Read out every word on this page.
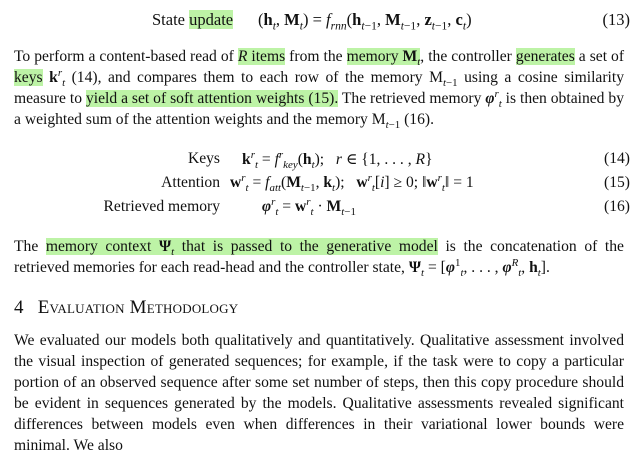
State update ($h_t$, $M_t) = f_{rnn}(h_{t-1}$, $M_{t-1}$, $z_{t-1}$, $c_t$)	(13)
To perform a content-based read of R items from the memory $M_t$, the controller generates a set of keys $k^r_t$ (14), and compares them to each row of the memory $M_{t-1}$ using a cosine similarity measure to yield a set of soft attention weights (15). The retrieved memory $\varphi^r_t$ is then obtained by a weighted sum of the attention weights and the memory $M_{t-1}$ (16).
Keys $k^r_t = f^r_{key}(h_t)$;   r ∈ {1, . . . , R}	(14)
Attention $w^r_t = f_{att}(M_{t-1}$, $k_t$);   $w^r_t[i] \ge 0$; $‖w^r_t‖ = 1$	(15)
Retrieved memory	$\varphi^r_t = w^r_t \cdot M_{t-1}$	(16)
The memory context $\Psi_t$ that is passed to the generative model is the concatenation of the retrieved memories for each read-head and the controller state, $\Psi_t = [\varphi^1_t$, . . . , $\varphi^R_t$, $h_t$].
4 Evaluation Methodology
We evaluated our models both qualitatively and quantitatively. Qualitative assessment involved the visual inspection of generated sequences; for example, if the task were to copy a particular portion of an observed sequence after some set number of steps, then this copy procedure should be evident in sequences generated by the models. Qualitative assessments revealed significant differences between models even when differences in their variational lower bounds were minimal. We also
